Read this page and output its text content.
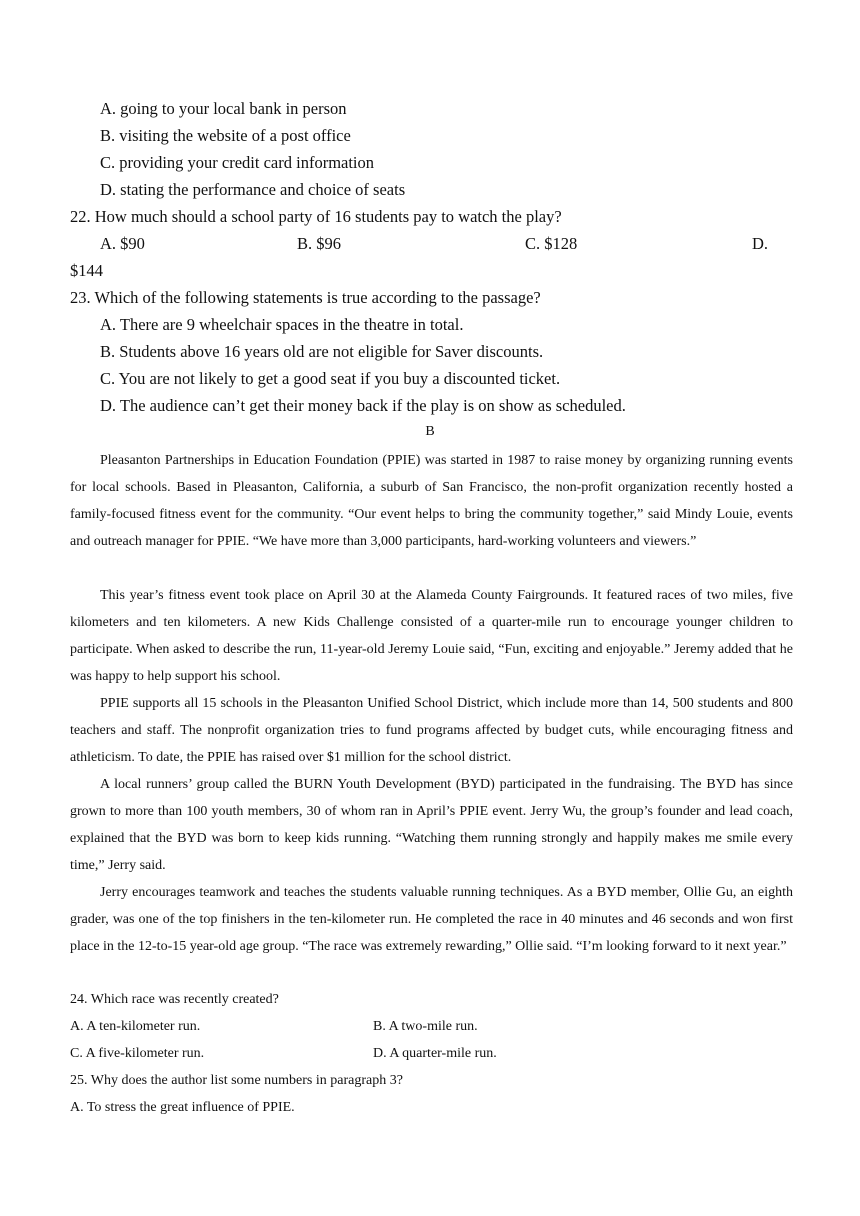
A. going to your local bank in person
B. visiting the website of a post office
C. providing your credit card information
D. stating the performance and choice of seats
22. How much should a school party of 16 students pay to watch the play?
A. $90	B. $96	C. $128	D.
$144
23. Which of the following statements is true according to the passage?
A. There are 9 wheelchair spaces in the theatre in total.
B. Students above 16 years old are not eligible for Saver discounts.
C. You are not likely to get a good seat if you buy a discounted ticket.
D. The audience can’t get their money back if the play is on show as scheduled.
B
Pleasanton Partnerships in Education Foundation (PPIE) was started in 1987 to raise money by organizing running events for local schools. Based in Pleasanton, California, a suburb of San Francisco, the non-profit organization recently hosted a family-focused fitness event for the community. “Our event helps to bring the community together,” said Mindy Louie, events and outreach manager for PPIE. “We have more than 3,000 participants, hard-working volunteers and viewers.”
This year’s fitness event took place on April 30 at the Alameda County Fairgrounds. It featured races of two miles, five kilometers and ten kilometers. A new Kids Challenge consisted of a quarter-mile run to encourage younger children to participate. When asked to describe the run, 11-year-old Jeremy Louie said, “Fun, exciting and enjoyable.” Jeremy added that he was happy to help support his school.
PPIE supports all 15 schools in the Pleasanton Unified School District, which include more than 14, 500 students and 800 teachers and staff. The nonprofit organization tries to fund programs affected by budget cuts, while encouraging fitness and athleticism. To date, the PPIE has raised over $1 million for the school district.
A local runners’ group called the BURN Youth Development (BYD) participated in the fundraising. The BYD has since grown to more than 100 youth members, 30 of whom ran in April’s PPIE event. Jerry Wu, the group’s founder and lead coach, explained that the BYD was born to keep kids running. “Watching them running strongly and happily makes me smile every time,” Jerry said.
Jerry encourages teamwork and teaches the students valuable running techniques. As a BYD member, Ollie Gu, an eighth grader, was one of the top finishers in the ten-kilometer run. He completed the race in 40 minutes and 46 seconds and won first place in the 12-to-15 year-old age group. “The race was extremely rewarding,” Ollie said. “I’m looking forward to it next year.”
24. Which race was recently created?
A. A ten-kilometer run.	B. A two-mile run.
C. A five-kilometer run.	D. A quarter-mile run.
25. Why does the author list some numbers in paragraph 3?
A. To stress the great influence of PPIE.
